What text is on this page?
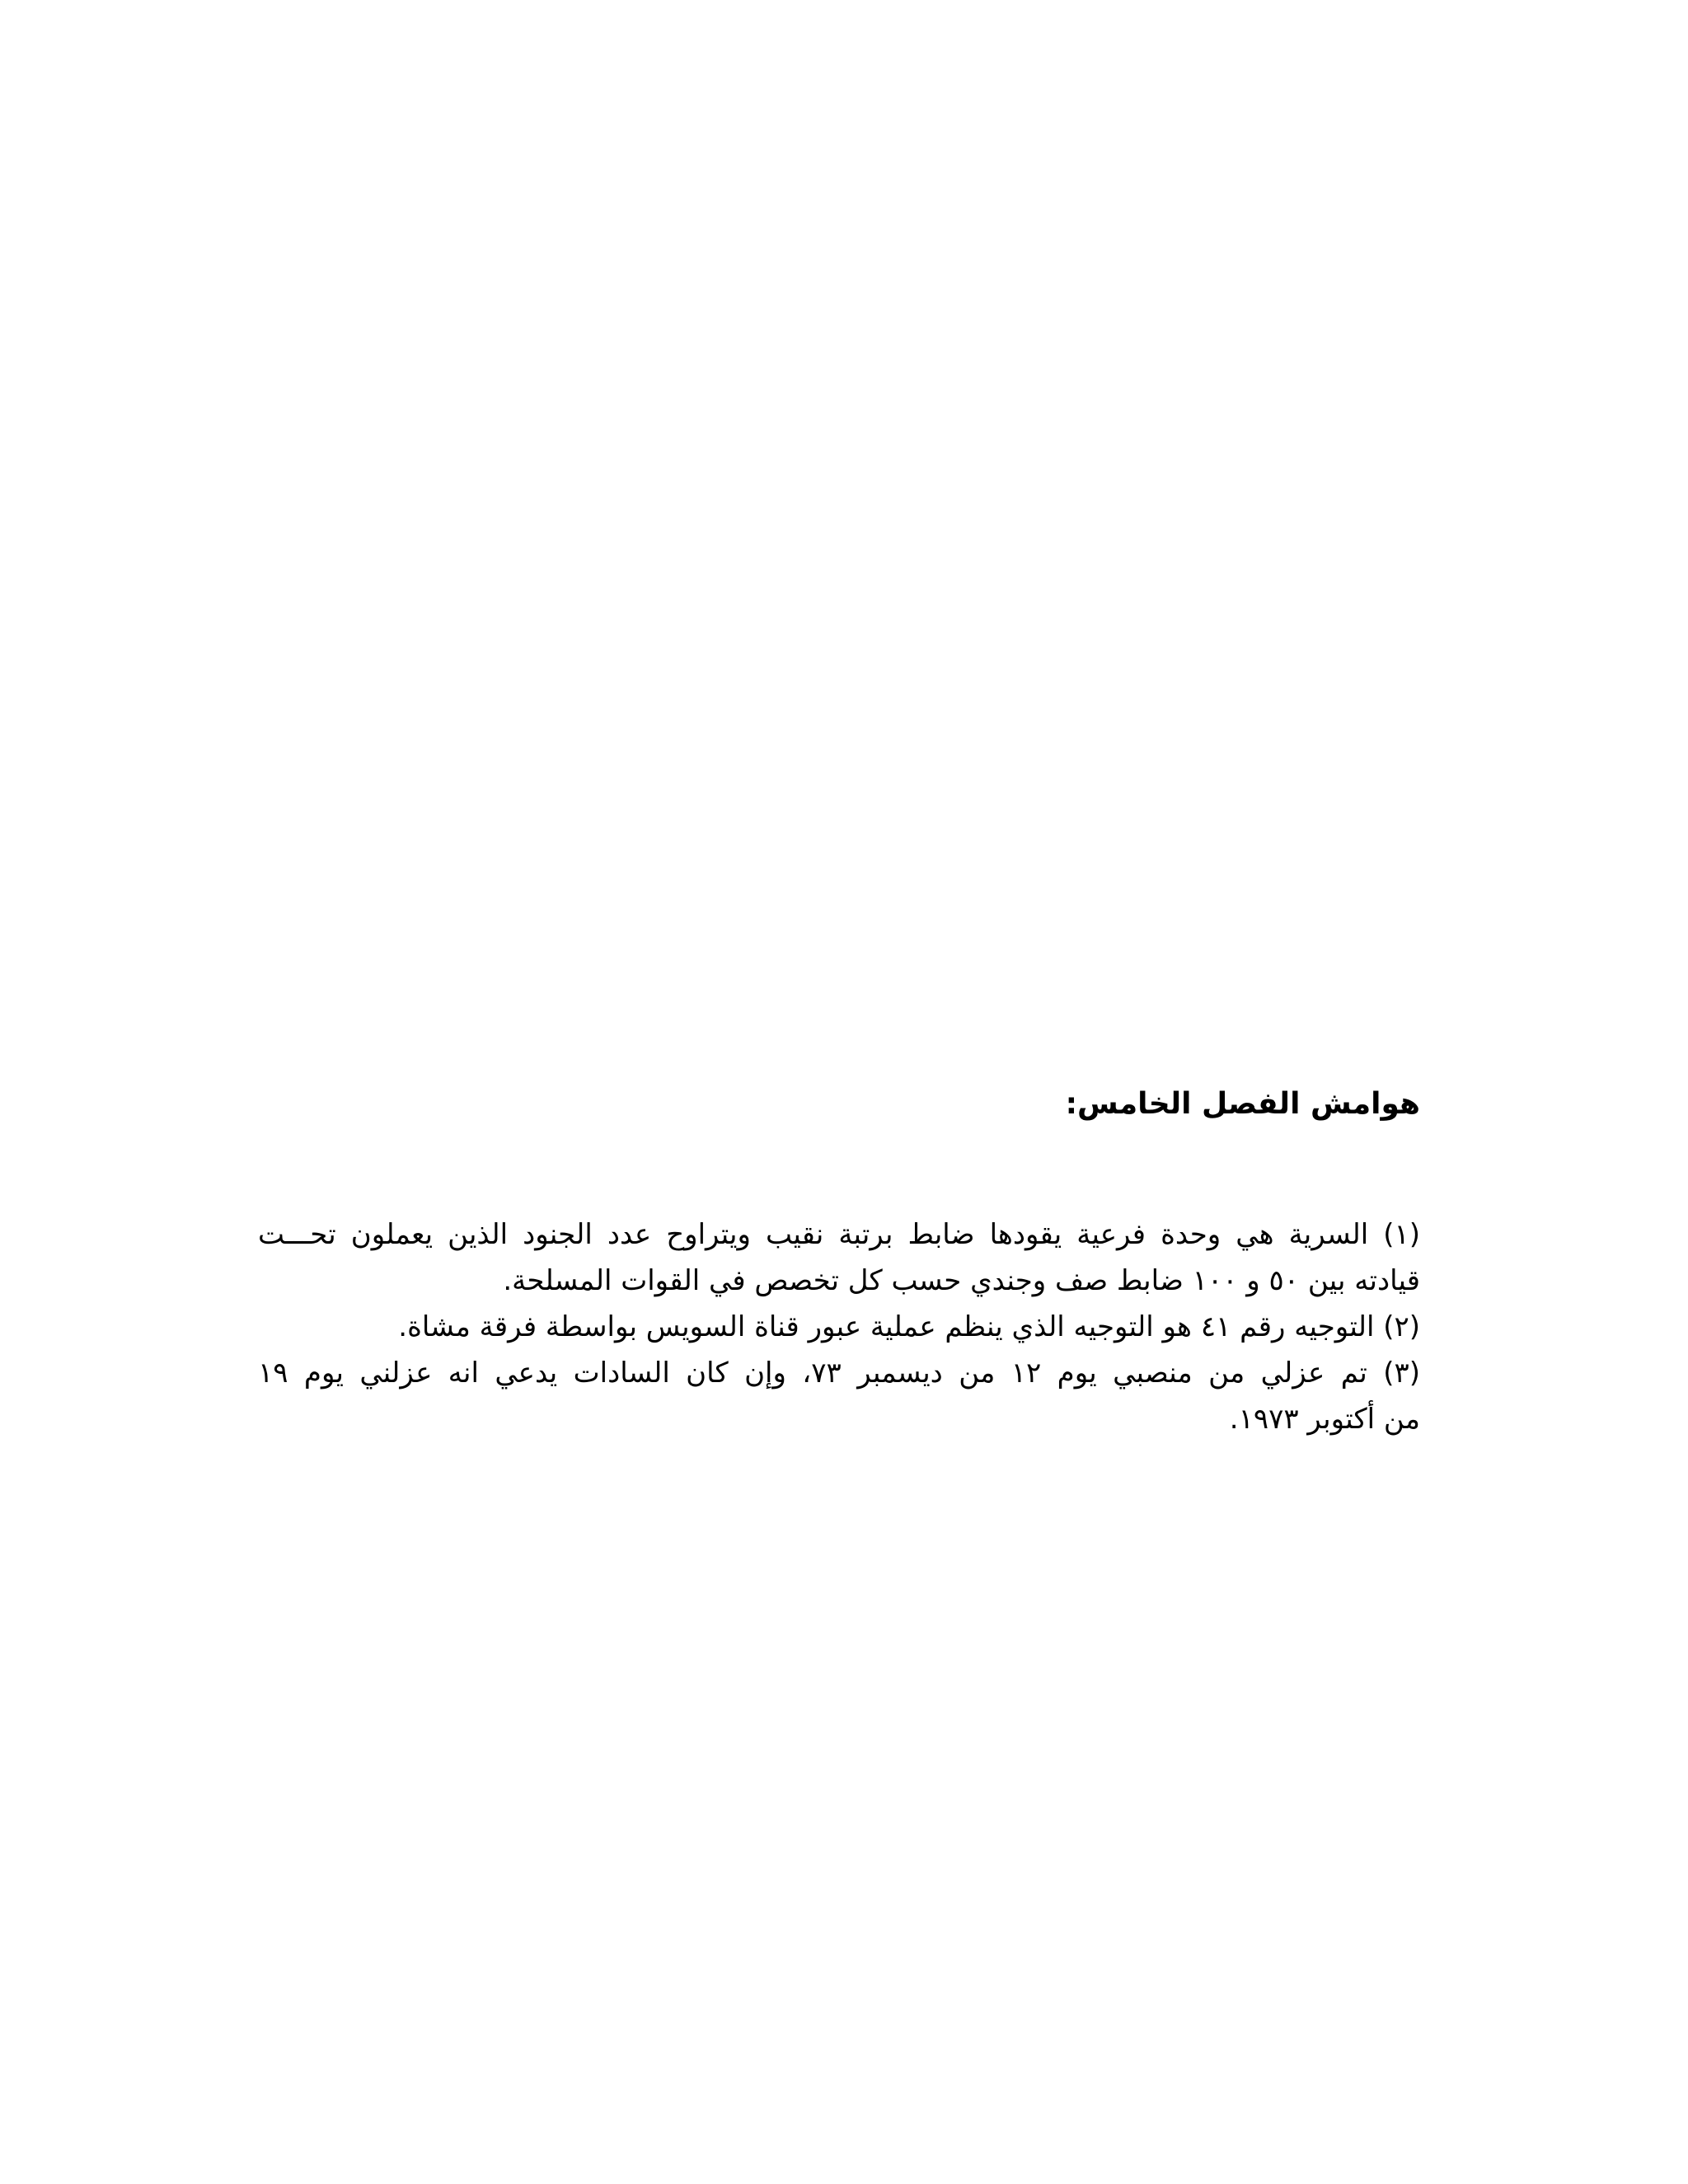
هوامش الفصل الخامس:
(١) السرية هي وحدة فرعية يقودها ضابط برتبة نقيب ويتراوح عدد الجنود الذين يعملون تحـــت
قيادته بين ٥٠ و ١٠٠ ضابط صف وجندي حسب كل تخصص في القوات المسلحة.
(٢) التوجيه رقم ٤١ هو التوجيه الذي ينظم عملية عبور قناة السويس بواسطة فرقة مشاة.
(٣) تم عزلي من منصبي يوم ١٢ من ديسمبر ٧٣، وإن كان السادات يدعي انه عزلني يوم ١٩
من أكتوبر ١٩٧٣.
